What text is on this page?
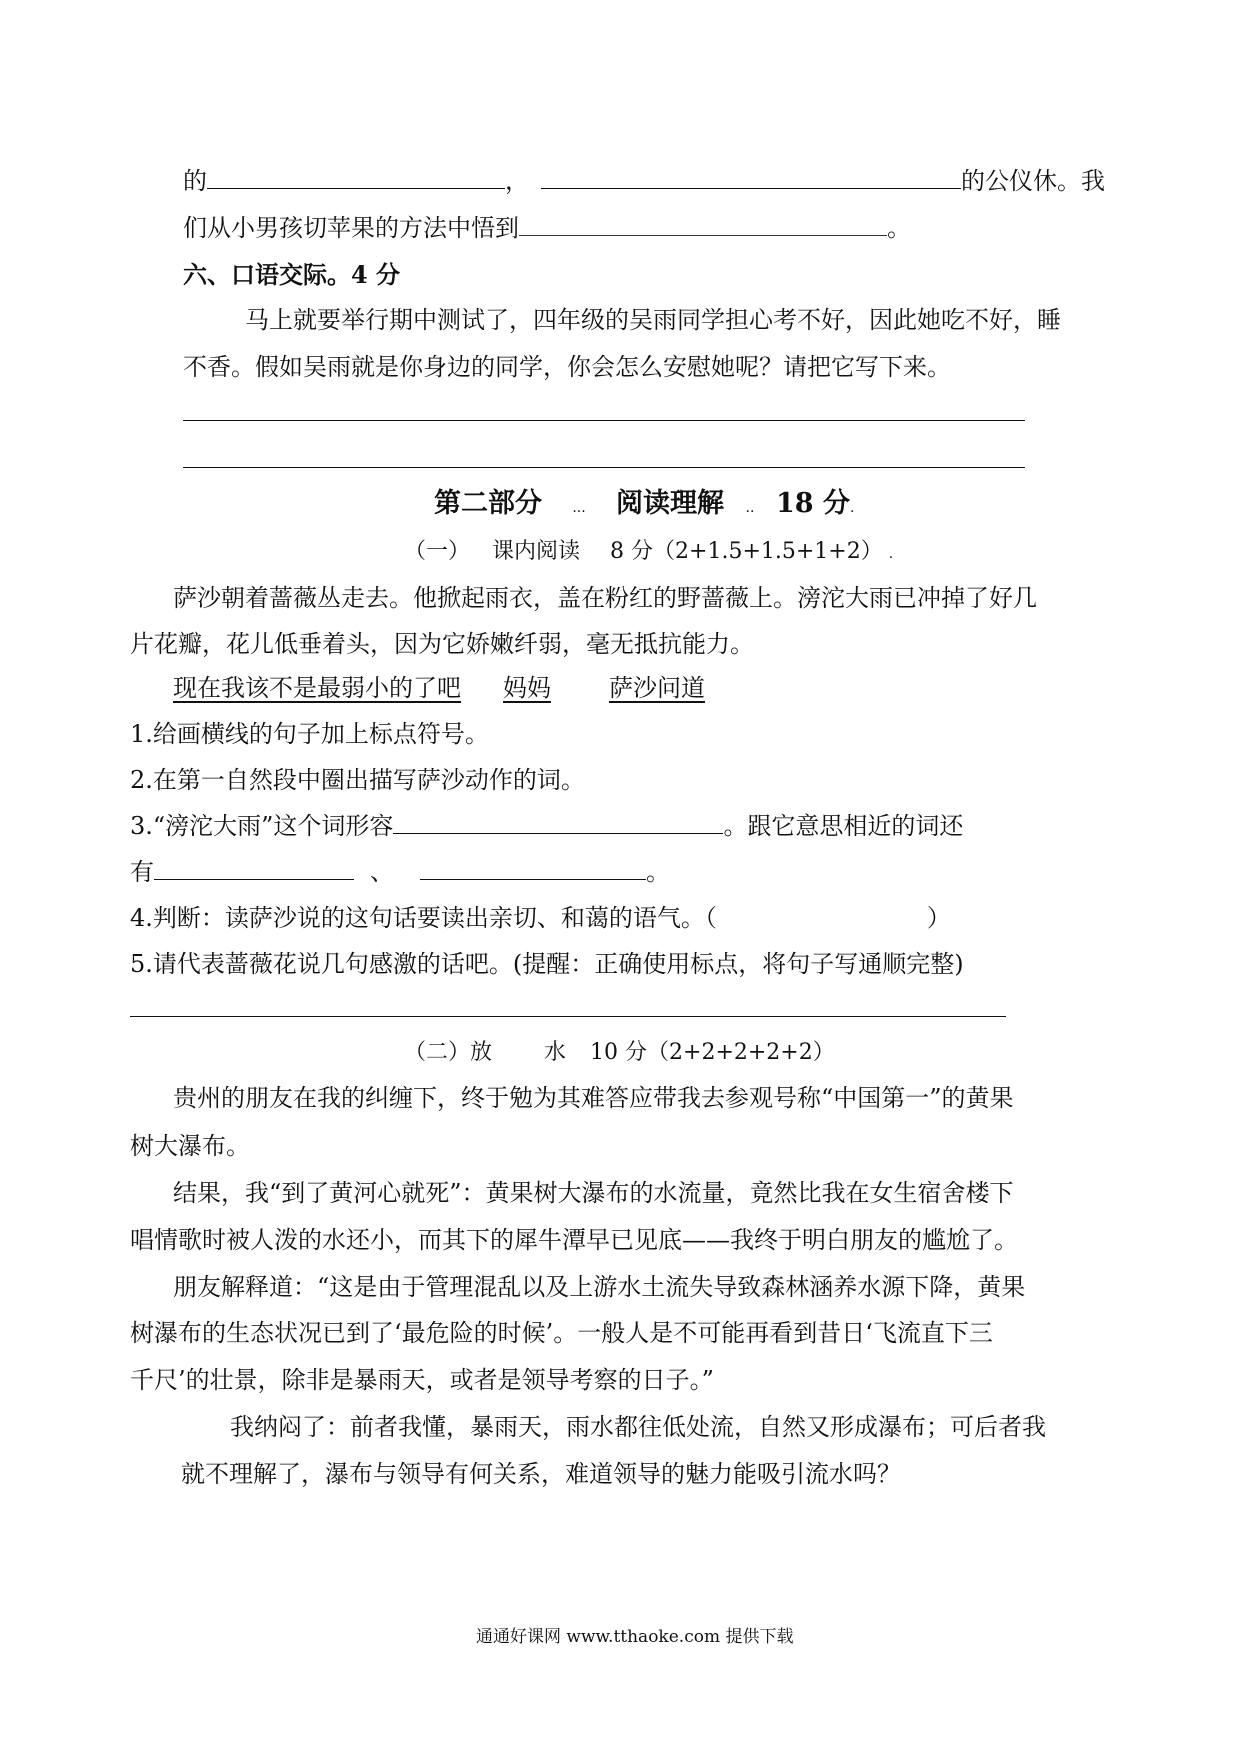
的	，	的公仪休。我
们从小男孩切苹果的方法中悟到	。
六、口语交际。4 分
马上就要举行期中测试了，四年级的吴雨同学担心考不好，因此她吃不好，睡
不香。假如吴雨就是你身边的同学，你会怎么安慰她呢？请把它写下来。
第二部分 ... 阅读理解 .. 18 分.
（一） 课内阅读 8 分（2+1.5+1.5+1+2） .
萨沙朝着蔷薇丛走去。他掀起雨衣，盖在粉红的野蔷薇上。滂沱大雨已冲掉了好几
片花瓣，花儿低垂着头，因为它娇嫩纤弱，毫无抵抗能力。
现在我该不是最弱小的了吧 妈妈 萨沙问道
1.给画横线的句子加上标点符号。
2.在第一自然段中圈出描写萨沙动作的词。
3.“滂沱大雨”这个词形容	。跟它意思相近的词还
有	、	。
4.判断：读萨沙说的这句话要读出亲切、和蔼的语气。（	）
5.请代表蔷薇花说几句感激的话吧。(提醒：正确使用标点，将句子写通顺完整)
（二）放 水 10 分（2+2+2+2+2）
贵州的朋友在我的纠缠下，终于勉为其难答应带我去参观号称“中国第一”的黄果
树大瀑布。
结果，我“到了黄河心就死”：黄果树大瀑布的水流量，竟然比我在女生宿舍楼下
唱情歌时被人泼的水还小，而其下的犀牛潭早已见底——我终于明白朋友的尴尬了。
朋友解释道：“这是由于管理混乱以及上游水土流失导致森林涵养水源下降，黄果
树瀑布的生态状况已到了‘最危险的时候’。一般人是不可能再看到昔日‘飞流直下三
千尺’的壮景，除非是暴雨天，或者是领导考察的日子。”
我纳闷了：前者我懂，暴雨天，雨水都往低处流，自然又形成瀑布；可后者我
就不理解了，瀑布与领导有何关系，难道领导的魅力能吸引流水吗？
通通好课网 www.tthaoke.com 提供下载
